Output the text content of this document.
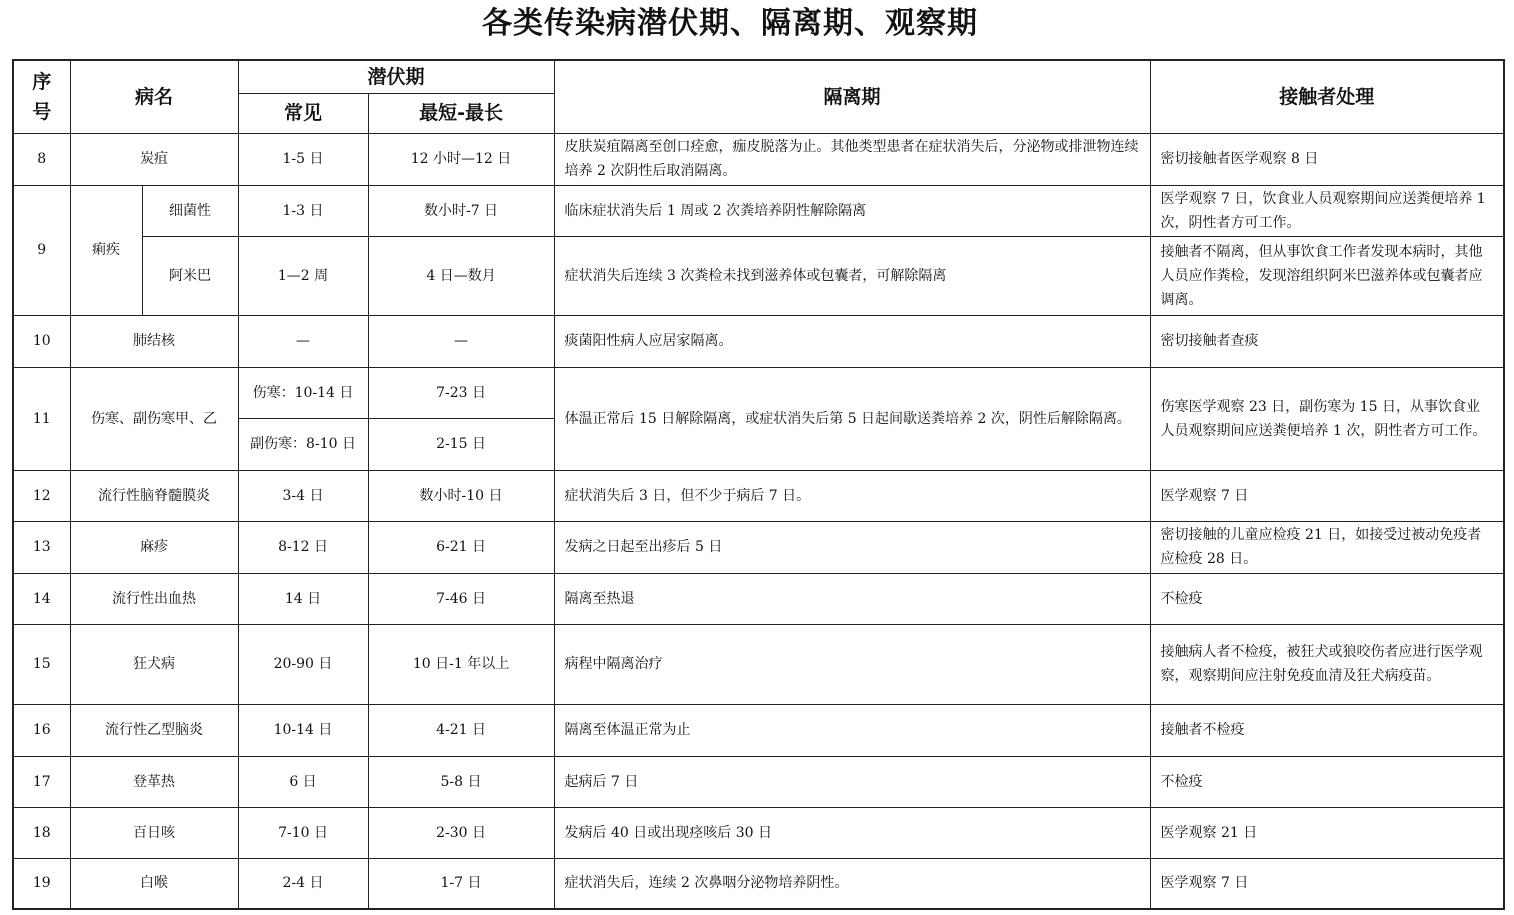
各类传染病潜伏期、隔离期、观察期
序
号	病名		潜伏期		隔离期	接触者处理
			常见	最短-最长		
8	炭疽		1-5 日	12 小时—12 日	皮肤炭疽隔离至创口痊愈，痂皮脱落为止。其他类型患者在症状消失后，分泌物或排泄物连续培养 2 次阴性后取消隔离。	密切接触者医学观察 8 日
9	痢疾	细菌性	1-3 日	数小时-7 日	临床症状消失后 1 周或 2 次粪培养阴性解除隔离	医学观察 7 日，饮食业人员观察期间应送粪便培养 1 次，阴性者方可工作。
		阿米巴	1—2 周	4 日—数月	症状消失后连续 3 次粪检未找到滋养体或包囊者，可解除隔离	接触者不隔离，但从事饮食工作者发现本病时，其他人员应作粪检，发现溶组织阿米巴滋养体或包囊者应调离。
10	肺结核		—	—	痰菌阳性病人应居家隔离。	密切接触者查痰
11	伤寒、副伤寒甲、乙		伤寒：10-14 日	7-23 日	体温正常后 15 日解除隔离，或症状消失后第 5 日起间歇送粪培养 2 次，阴性后解除隔离。	伤寒医学观察 23 日，副伤寒为 15 日，从事饮食业人员观察期间应送粪便培养 1 次，阴性者方可工作。
			副伤寒：8-10 日	2-15 日		
12	流行性脑脊髓膜炎		3-4 日	数小时-10 日	症状消失后 3 日，但不少于病后 7 日。	医学观察 7 日
13	麻疹		8-12 日	6-21 日	发病之日起至出疹后 5 日	密切接触的儿童应检疫 21 日，如接受过被动免疫者应检疫 28 日。
14	流行性出血热		14 日	7-46 日	隔离至热退	不检疫
15	狂犬病		20-90 日	10 日-1 年以上	病程中隔离治疗	接触病人者不检疫，被狂犬或狼咬伤者应进行医学观察，观察期间应注射免疫血清及狂犬病疫苗。
16	流行性乙型脑炎		10-14 日	4-21 日	隔离至体温正常为止	接触者不检疫
17	登革热		6 日	5-8 日	起病后 7 日	不检疫
18	百日咳		7-10 日	2-30 日	发病后 40 日或出现痉咳后 30 日	医学观察 21 日
19	白喉		2-4 日	1-7 日	症状消失后，连续 2 次鼻咽分泌物培养阴性。	医学观察 7 日
